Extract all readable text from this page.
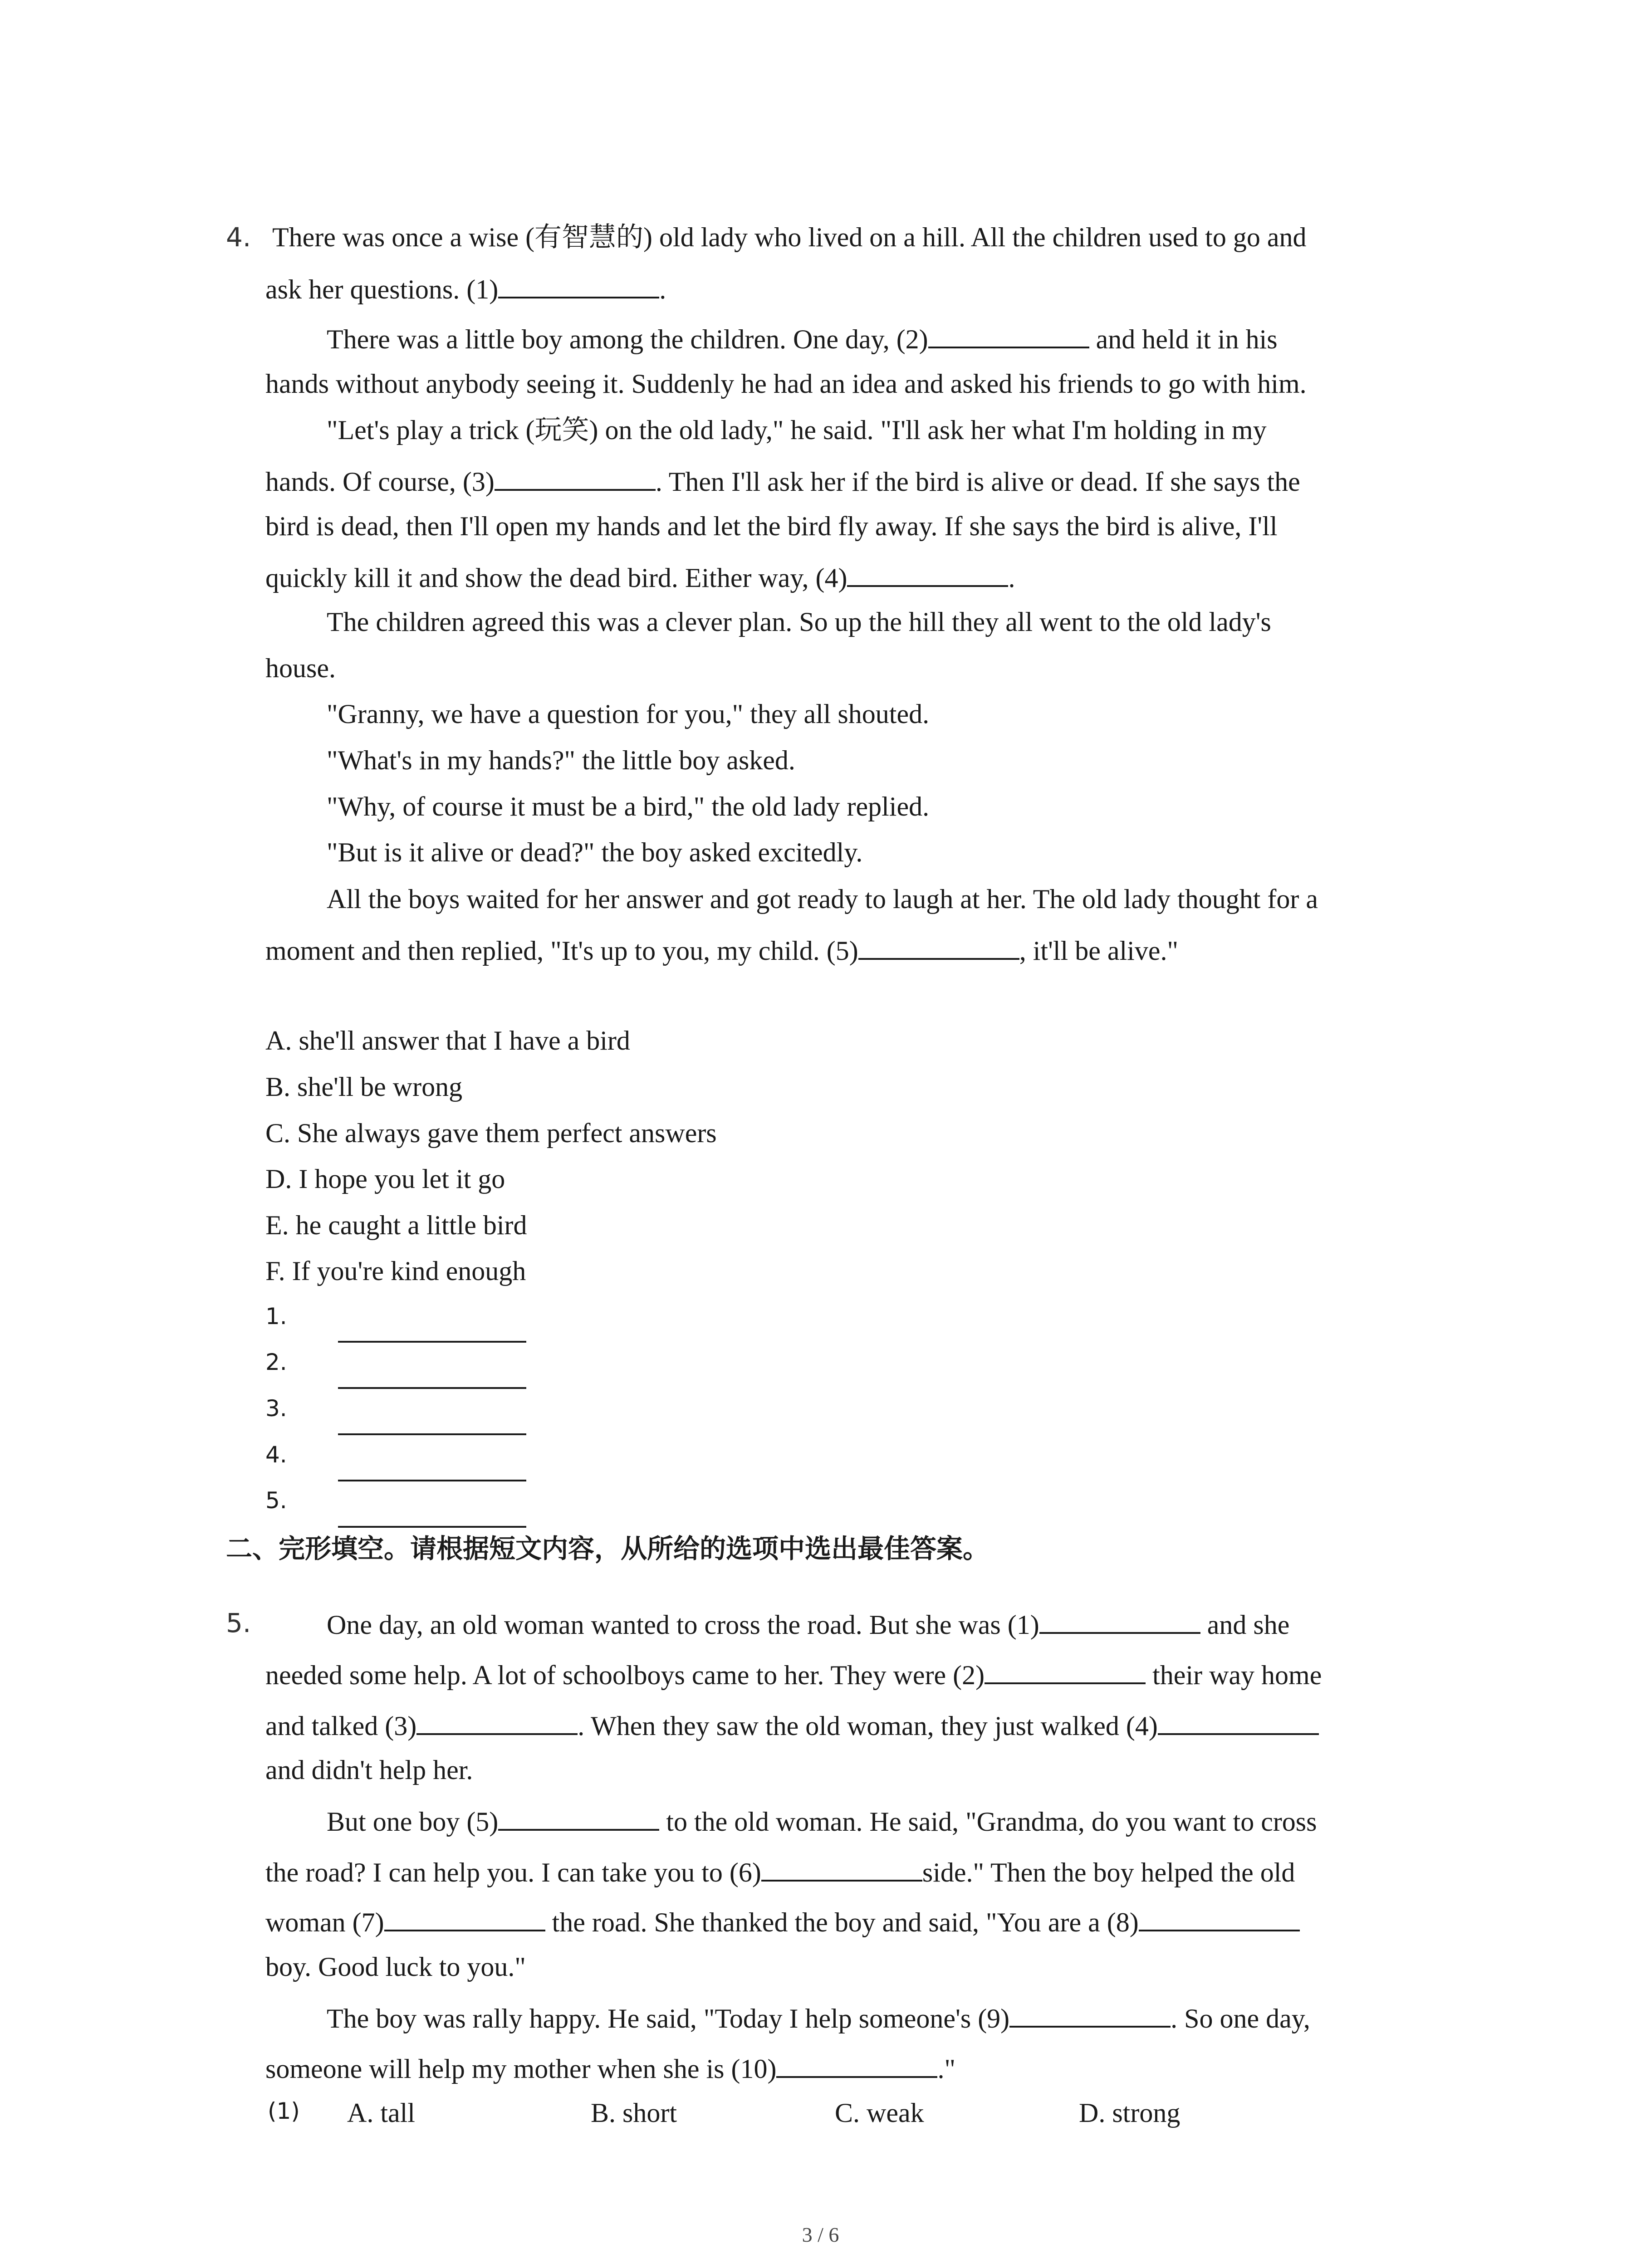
4. There was once a wise (有智慧的) old lady who lived on a hill. All the children used to go and
ask her questions. (1)	.
There was a little boy among the children. One day, (2)	and held it in his
hands without anybody seeing it. Suddenly he had an idea and asked his friends to go with him.
"Let's play a trick (玩笑) on the old lady," he said. "I'll ask her what I'm holding in my
hands. Of course, (3)	. Then I'll ask her if the bird is alive or dead. If she says the
bird is dead, then I'll open my hands and let the bird fly away. If she says the bird is alive, I'll
quickly kill it and show the dead bird. Either way, (4)	.
The children agreed this was a clever plan. So up the hill they all went to the old lady's
house.
"Granny, we have a question for you," they all shouted.
"What's in my hands?" the little boy asked.
"Why, of course it must be a bird," the old lady replied.
"But is it alive or dead?" the boy asked excitedly.
All the boys waited for her answer and got ready to laugh at her. The old lady thought for a
moment and then replied, "It's up to you, my child. (5)	, it'll be alive."
A. she'll answer that I have a bird
B. she'll be wrong
C. She always gave them perfect answers
D. I hope you let it go
E. he caught a little bird
F. If you're kind enough
1.
2.
3.
4.
5.
二、完形填空。请根据短文内容，从所给的选项中选出最佳答案。
5.	One day, an old woman wanted to cross the road. But she was (1)	and she
needed some help. A lot of schoolboys came to her. They were (2)	their way home
and talked (3)	. When they saw the old woman, they just walked (4)
and didn't help her.
But one boy (5)	to the old woman. He said, "Grandma, do you want to cross
the road? I can help you. I can take you to (6)	side." Then the boy helped the old
woman (7)	the road. She thanked the boy and said, "You are a (8)
boy. Good luck to you."
The boy was rally happy. He said, "Today I help someone's (9)	. So one day,
someone will help my mother when she is (10)	."
(1) A. tall	B. short	C. weak	D. strong
3 / 6
